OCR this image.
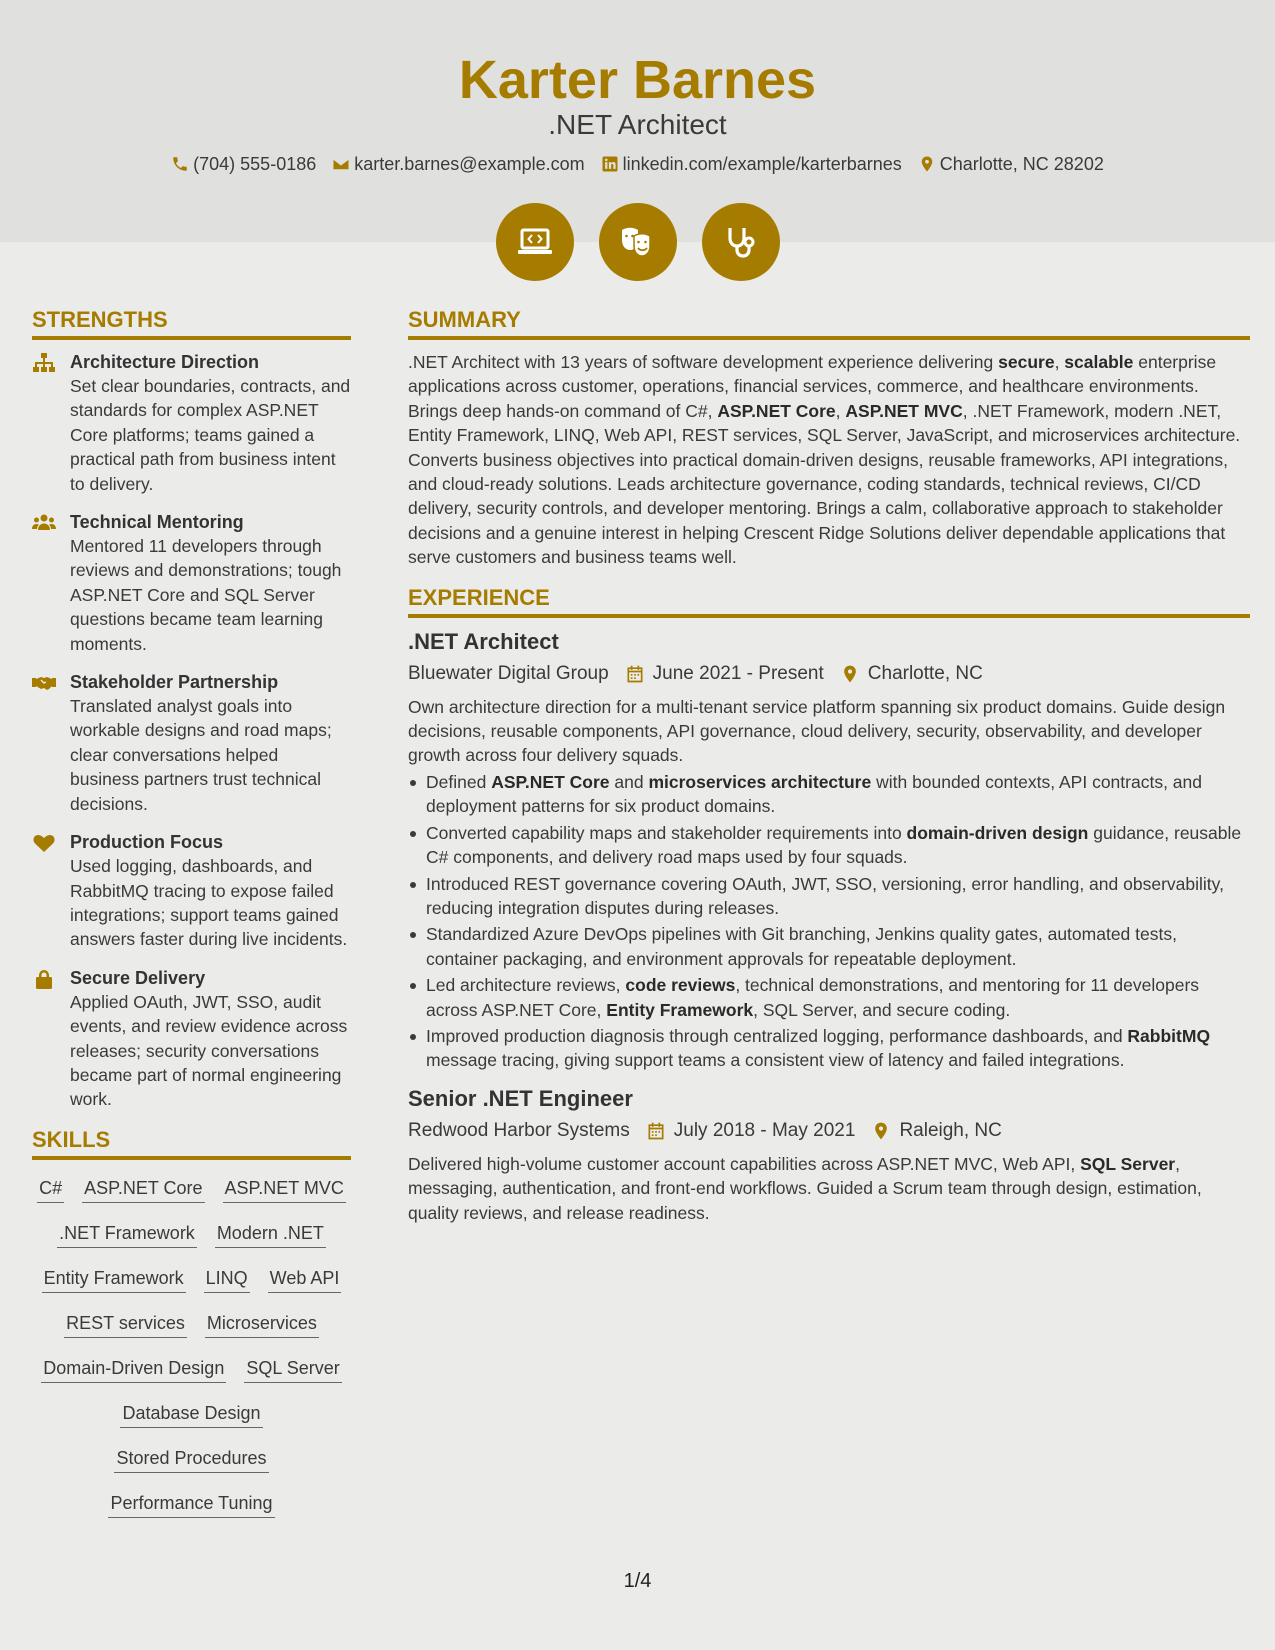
Karter Barnes
.NET Architect
(704) 555-0186 karter.barnes@example.com linkedin.com/example/karterbarnes Charlotte, NC 28202
STRENGTHS
Architecture Direction
Set clear boundaries, contracts, and standards for complex ASP.NET Core platforms; teams gained a practical path from business intent to delivery.
Technical Mentoring
Mentored 11 developers through reviews and demonstrations; tough ASP.NET Core and SQL Server questions became team learning moments.
Stakeholder Partnership
Translated analyst goals into workable designs and road maps; clear conversations helped business partners trust technical decisions.
Production Focus
Used logging, dashboards, and RabbitMQ tracing to expose failed integrations; support teams gained answers faster during live incidents.
Secure Delivery
Applied OAuth, JWT, SSO, audit events, and review evidence across releases; security conversations became part of normal engineering work.
SKILLS
C# ASP.NET Core ASP.NET MVC
.NET Framework Modern .NET
Entity Framework LINQ Web API
REST services Microservices
Domain-Driven Design SQL Server
Database Design
Stored Procedures
Performance Tuning
SUMMARY

.NET Architect with 13 years of software development experience delivering secure, scalable enterprise applications across customer, operations, financial services, commerce, and healthcare environments. Brings deep hands-on command of C#, ASP.NET Core, ASP.NET MVC, .NET Framework, modern .NET, Entity Framework, LINQ, Web API, REST services, SQL Server, JavaScript, and microservices architecture. Converts business objectives into practical domain-driven designs, reusable frameworks, API integrations, and cloud-ready solutions. Leads architecture governance, coding standards, technical reviews, CI/CD delivery, security controls, and developer mentoring. Brings a calm, collaborative approach to stakeholder decisions and a genuine interest in helping Crescent Ridge Solutions deliver dependable applications that serve customers and business teams well.

EXPERIENCE
.NET Architect
Bluewater Digital Group June 2021 - Present Charlotte, NC

Own architecture direction for a multi-tenant service platform spanning six product domains. Guide design decisions, reusable components, API governance, cloud delivery, security, observability, and developer growth across four delivery squads.

Defined ASP.NET Core and microservices architecture with bounded contexts, API contracts, and deployment patterns for six product domains.
Converted capability maps and stakeholder requirements into domain-driven design guidance, reusable C# components, and delivery road maps used by four squads.
Introduced REST governance covering OAuth, JWT, SSO, versioning, error handling, and observability, reducing integration disputes during releases.
Standardized Azure DevOps pipelines with Git branching, Jenkins quality gates, automated tests, container packaging, and environment approvals for repeatable deployment.
Led architecture reviews, code reviews, technical demonstrations, and mentoring for 11 developers across ASP.NET Core, Entity Framework, SQL Server, and secure coding.
Improved production diagnosis through centralized logging, performance dashboards, and RabbitMQ message tracing, giving support teams a consistent view of latency and failed integrations.
Senior .NET Engineer
Redwood Harbor Systems July 2018 - May 2021 Raleigh, NC

Delivered high-volume customer account capabilities across ASP.NET MVC, Web API, SQL Server, messaging, authentication, and front-end workflows. Guided a Scrum team through design, estimation, quality reviews, and release readiness.

1/4
